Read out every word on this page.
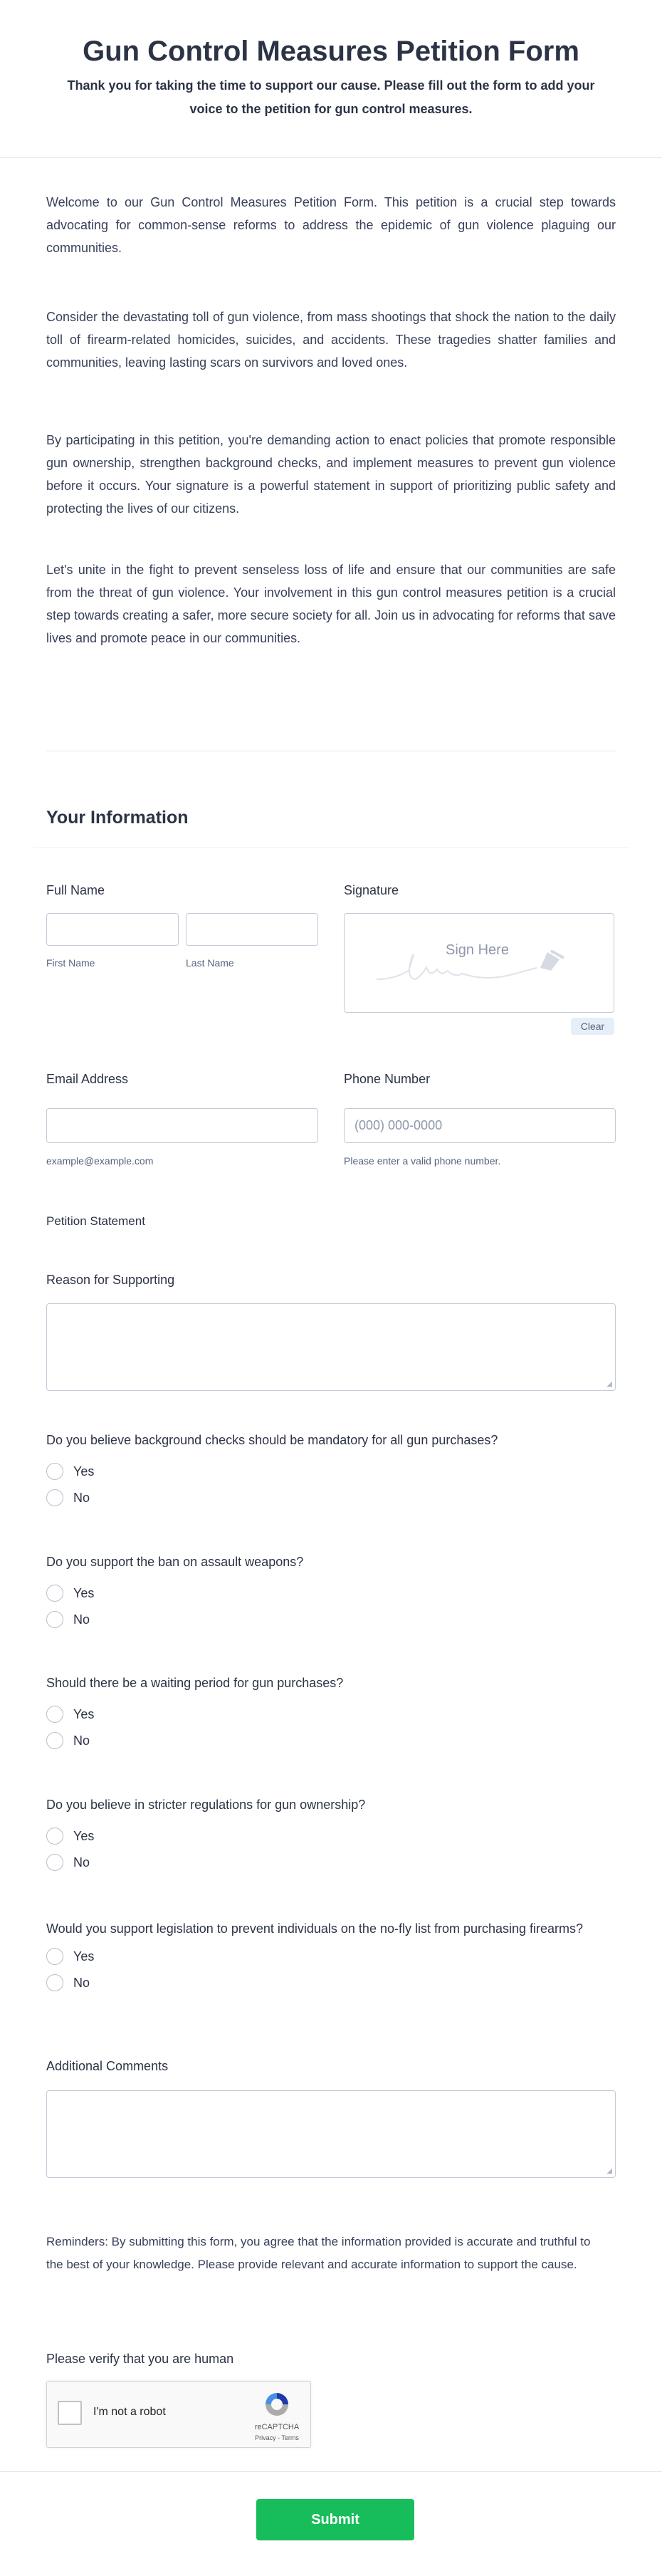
Gun Control Measures Petition Form
Thank you for taking the time to support our cause. Please fill out the form to add your voice to the petition for gun control measures.

Welcome to our Gun Control Measures Petition Form. This petition is a crucial step towards advocating for common-sense reforms to address the epidemic of gun violence plaguing our communities.

Consider the devastating toll of gun violence, from mass shootings that shock the nation to the daily toll of firearm-related homicides, suicides, and accidents. These tragedies shatter families and communities, leaving lasting scars on survivors and loved ones.

By participating in this petition, you're demanding action to enact policies that promote responsible gun ownership, strengthen background checks, and implement measures to prevent gun violence before it occurs. Your signature is a powerful statement in support of prioritizing public safety and protecting the lives of our citizens.

Let's unite in the fight to prevent senseless loss of life and ensure that our communities are safe from the threat of gun violence. Your involvement in this gun control measures petition is a crucial step towards creating a safer, more secure society for all. Join us in advocating for reforms that save lives and promote peace in our communities.

Your Information
Full Name
First Name	Last Name
Signature
Sign Here
Clear
Email Address
example@example.com
Phone Number
(000) 000-0000
Please enter a valid phone number.
Petition Statement
Reason for Supporting
◢
Do you believe background checks should be mandatory for all gun purchases?
Yes
No
Do you support the ban on assault weapons?
Yes
No
Should there be a waiting period for gun purchases?
Yes
No
Do you believe in stricter regulations for gun ownership?
Yes
No
Would you support legislation to prevent individuals on the no-fly list from purchasing firearms?
Yes
No
Additional Comments
◢

Reminders: By submitting this form, you agree that the information provided is accurate and truthful to the best of your knowledge. Please provide relevant and accurate information to support the cause.

Please verify that you are human
I'm not a robot
reCAPTCHA
Privacy - Terms
Submit
